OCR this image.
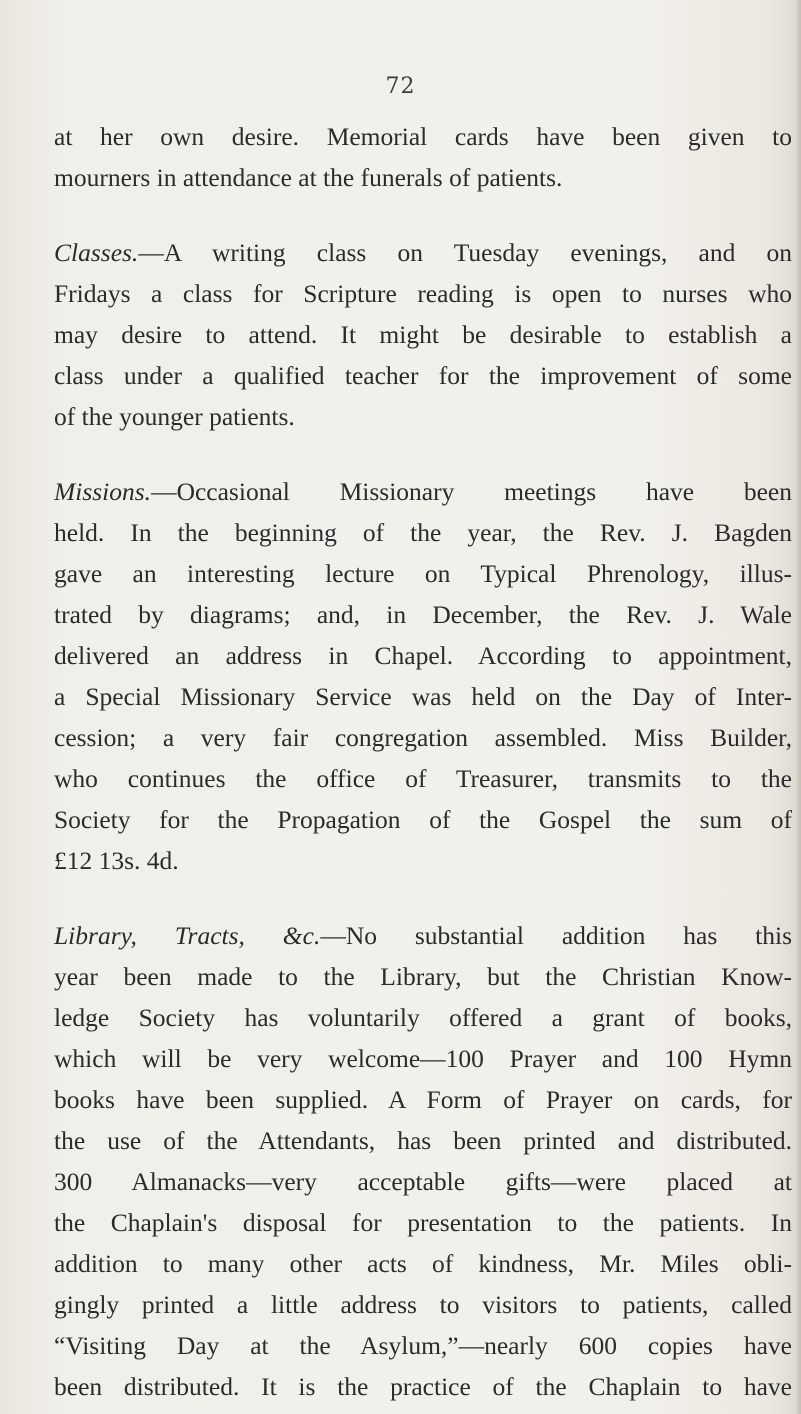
72
at her own desire. Memorial cards have been given to
mourners in attendance at the funerals of patients.
Classes.—A writing class on Tuesday evenings, and on
Fridays a class for Scripture reading is open to nurses who
may desire to attend. It might be desirable to establish a
class under a qualified teacher for the improvement of some
of the younger patients.
Missions.—Occasional Missionary meetings have been
held. In the beginning of the year, the Rev. J. Bagden
gave an interesting lecture on Typical Phrenology, illus-
trated by diagrams; and, in December, the Rev. J. Wale
delivered an address in Chapel. According to appointment,
a Special Missionary Service was held on the Day of Inter-
cession; a very fair congregation assembled. Miss Builder,
who continues the office of Treasurer, transmits to the
Society for the Propagation of the Gospel the sum of
£12 13s. 4d.
Library, Tracts, &c.—No substantial addition has this
year been made to the Library, but the Christian Know-
ledge Society has voluntarily offered a grant of books,
which will be very welcome—100 Prayer and 100 Hymn
books have been supplied. A Form of Prayer on cards, for
the use of the Attendants, has been printed and distributed.
300 Almanacks—very acceptable gifts—were placed at
the Chaplain's disposal for presentation to the patients. In
addition to many other acts of kindness, Mr. Miles obli-
gingly printed a little address to visitors to patients, called
“Visiting Day at the Asylum,”—nearly 600 copies have
been distributed. It is the practice of the Chaplain to have
